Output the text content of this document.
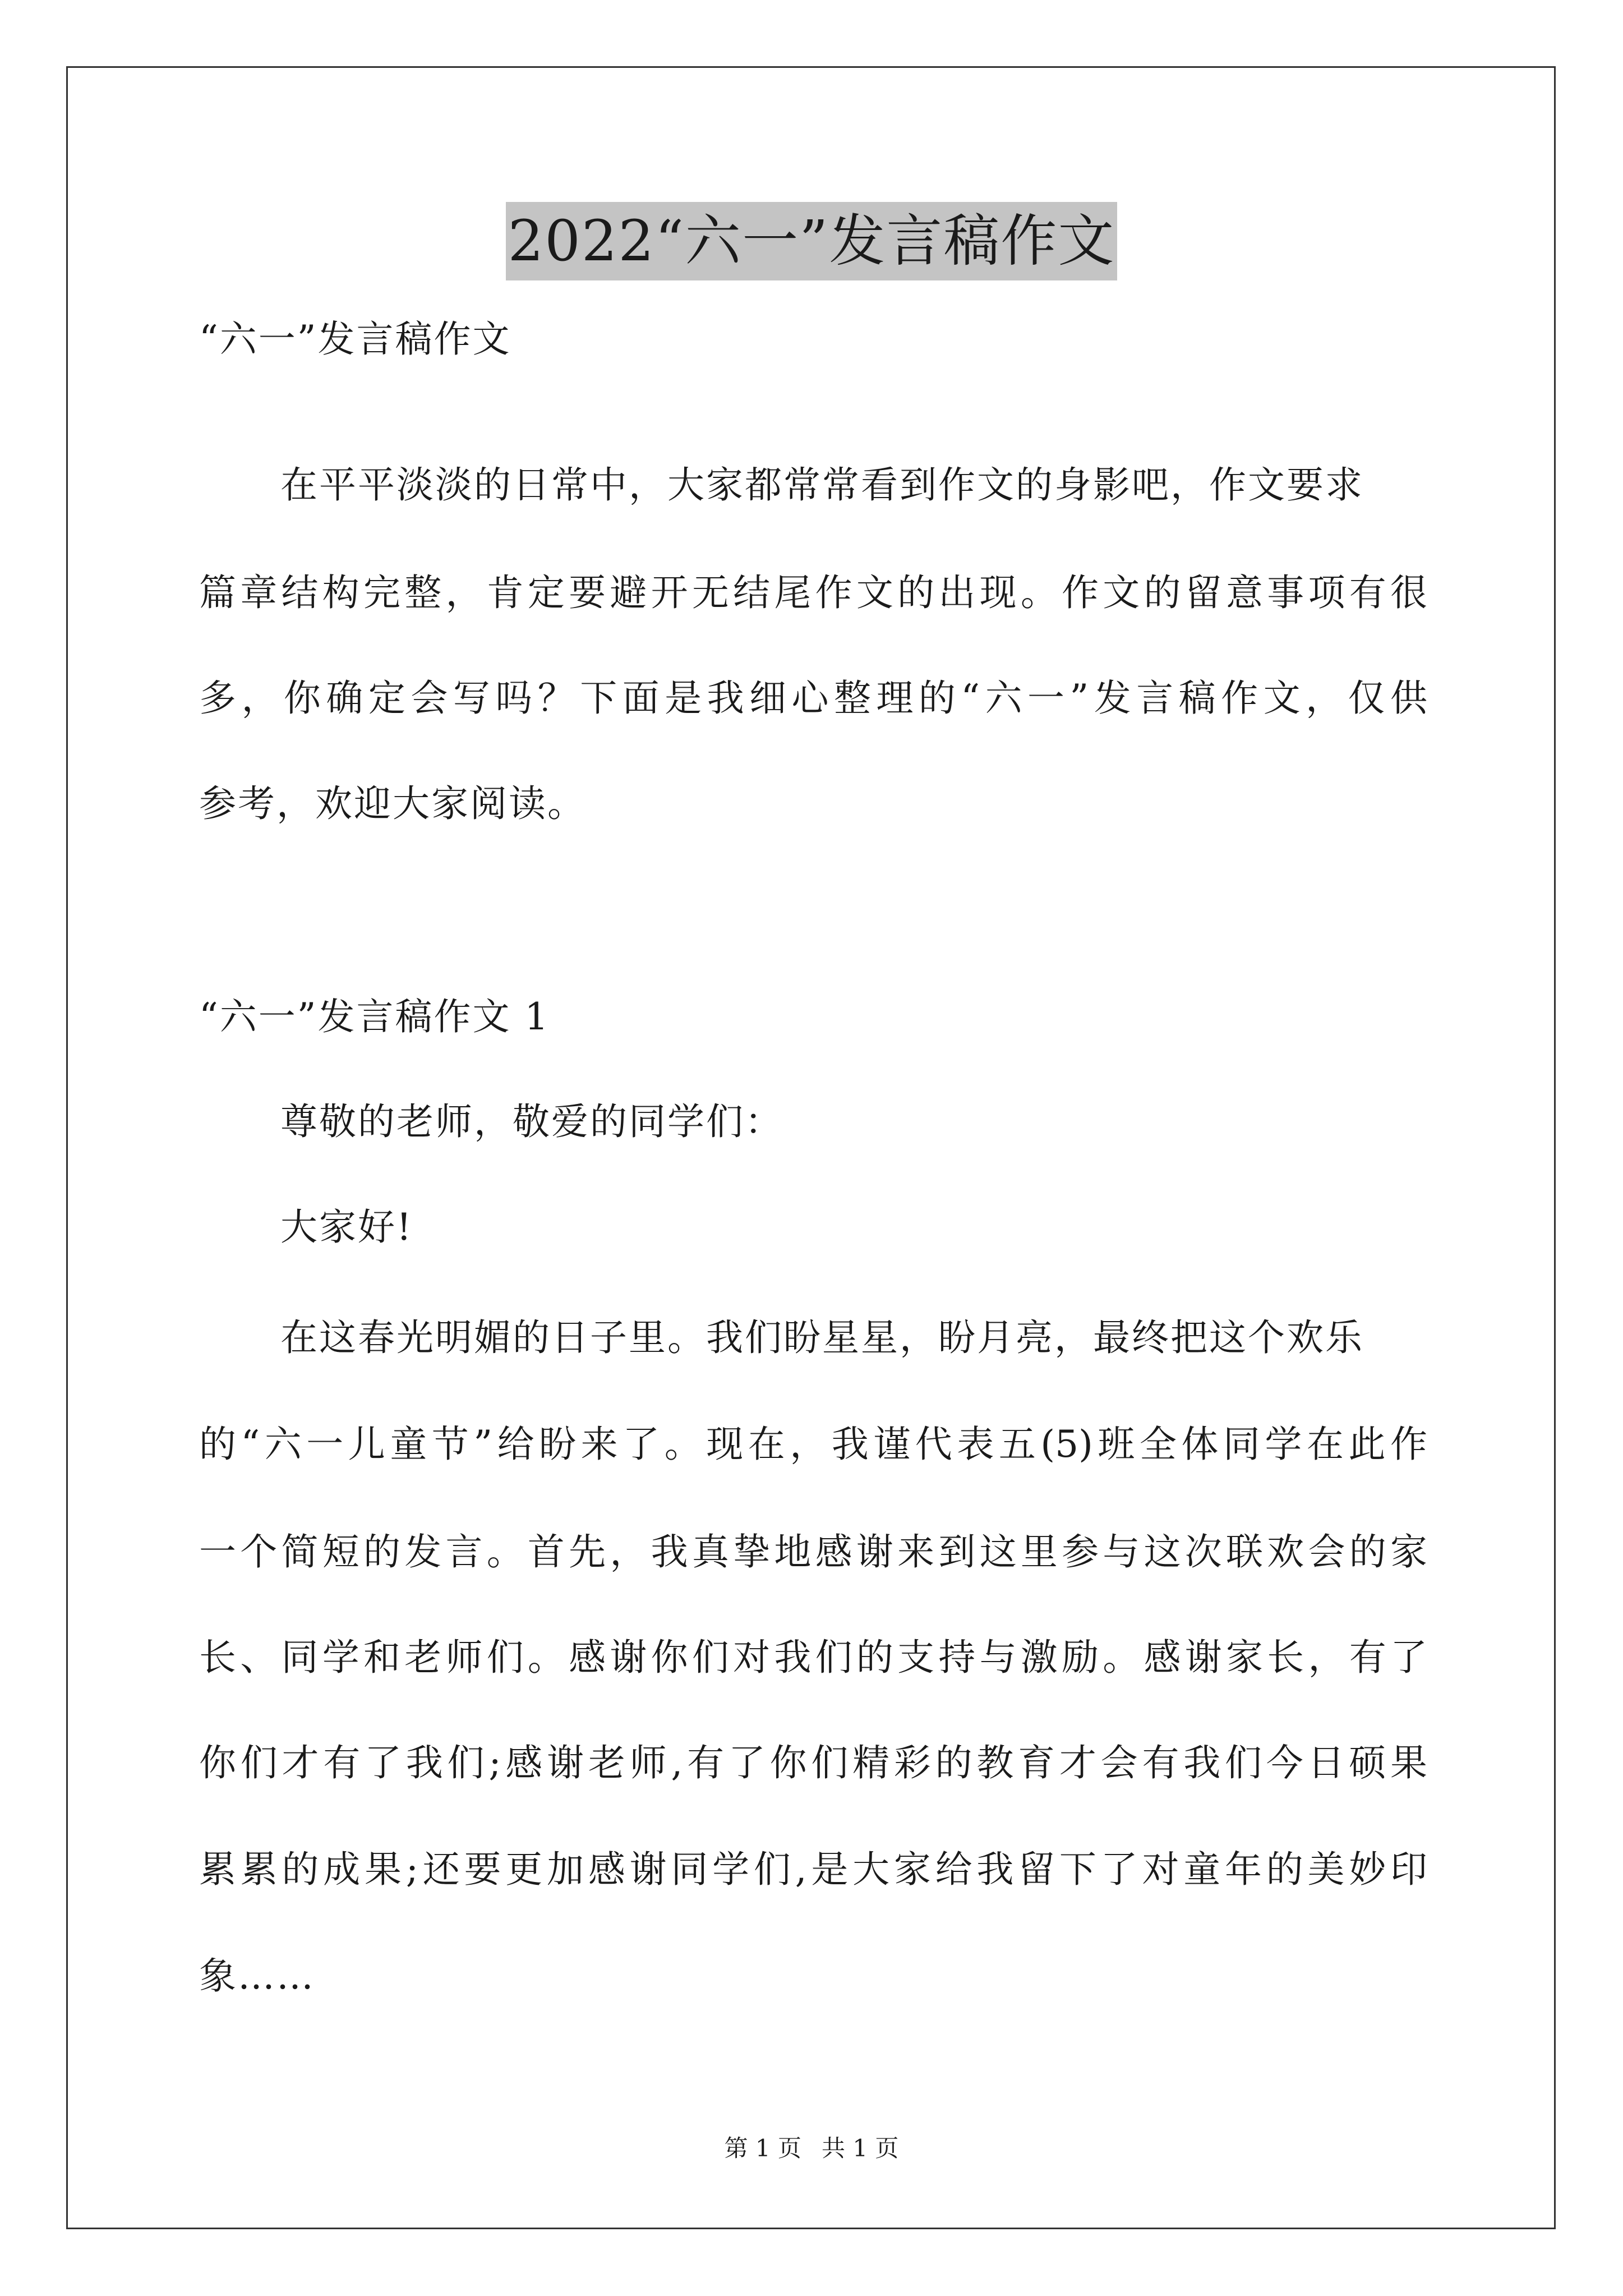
2022“六一”发言稿作文
“六一”发言稿作文
在平平淡淡的日常中，大家都常常看到作文的身影吧，作文要求
篇章结构完整，肯定要避开无结尾作文的出现。作文的留意事项有很
多，你确定会写吗？下面是我细心整理的“六一”发言稿作文，仅供
参考，欢迎大家阅读。
“六一”发言稿作文 1
尊敬的老师，敬爱的同学们：
大家好!
在这春光明媚的日子里。我们盼星星，盼月亮，最终把这个欢乐
的“六一儿童节”给盼来了。现在，我谨代表五(5)班全体同学在此作
一个简短的发言。首先，我真挚地感谢来到这里参与这次联欢会的家
长、同学和老师们。感谢你们对我们的支持与激励。感谢家长，有了
你们才有了我们;感谢老师,有了你们精彩的教育才会有我们今日硕果
累累的成果;还要更加感谢同学们,是大家给我留下了对童年的美妙印
象……
第 1 页 共 1 页
